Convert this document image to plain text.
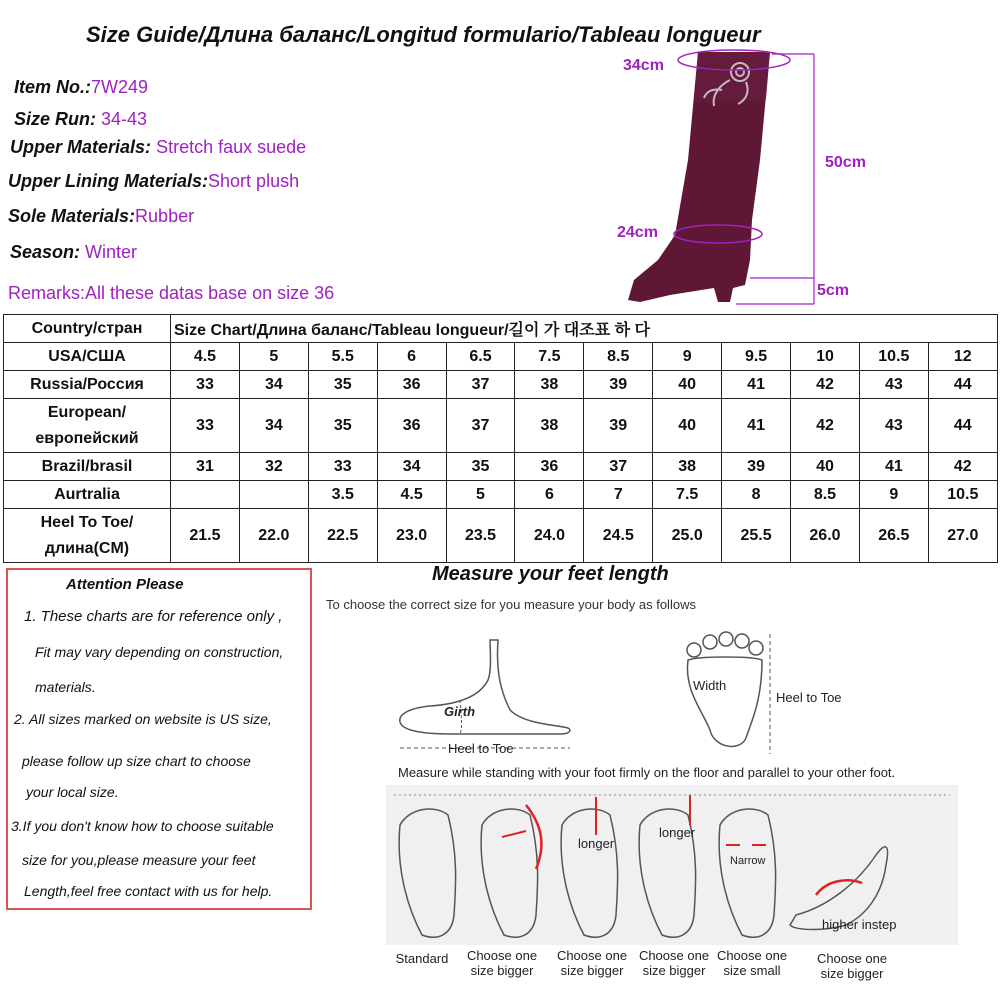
Size Guide/Длина баланс/Longitud formulario/Tableau longueur
Item No.:7W249
Size Run: 34-43
Upper Materials: Stretch faux suede
Upper Lining Materials:Short plush
Sole Materials:Rubber
Season: Winter
Remarks:All these datas base on size 36
34cm
50cm
24cm
5cm
Country/стран	Size Chart/Длина баланс/Tableau longueur/길이 가 대조표 하 다											
USA/США	4.5	5	5.5	6	6.5	7.5	8.5	9	9.5	10	10.5	12
Russia/Россия	33	34	35	36	37	38	39	40	41	42	43	44
European/европейский	33	34	35	36	37	38	39	40	41	42	43	44
Brazil/brasil	31	32	33	34	35	36	37	38	39	40	41	42
Aurtralia			3.5	4.5	5	6	7	7.5	8	8.5	9	10.5
Heel To Toe/длина(CM)	21.5	22.0	22.5	23.0	23.5	24.0	24.5	25.0	25.5	26.0	26.5	27.0
Attention Please
1. These charts are for reference only ,
Fit may vary depending on construction,
materials.
2. All sizes marked on website is US size,
please follow up size chart to choose
your local size.
3.If you don't know how to choose suitable
size for you,please measure your feet
Length,feel free contact with us for help.
Measure your feet length
To choose the correct size for you measure your body as follows
Girth
Heel to Toe
Width
Heel to Toe
Measure while standing with your foot firmly on the floor and parallel to your other foot.
longer
longer
Narrow
higher instep
Standard	Choose one size bigger
Choose one size bigger
Choose one size bigger
Choose one size small
Choose one size bigger
